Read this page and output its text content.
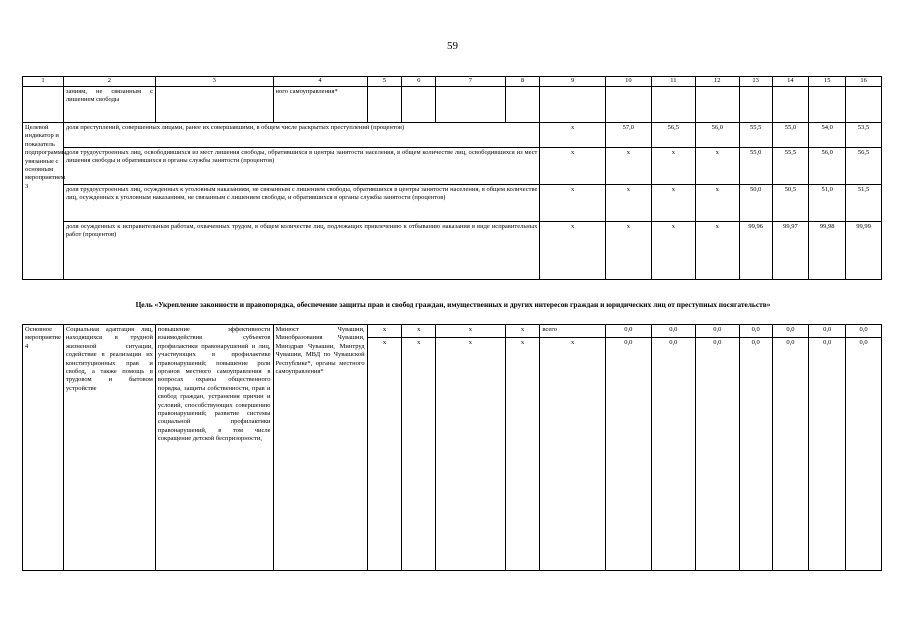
59
1	2	3	4	5	6	7	8	9	10	11	12	13	14	15	16
	заниям, не связанным с лишением свободы		ного самоуправления*												
Целевой индикатор и показатель подпрограммы, увязанные с основным мероприятием 3	доля преступлений, совершенных лицами, ранее их совершавшими, в общем числе раскрытых преступлений (процентов)							х	57,0	56,5	56,0	55,5	55,0	54,0	53,5
	доля трудоустроенных лиц, освободившихся из мест лишения свободы, обратившихся в центры занятости населения, в общем количестве лиц, освободившихся из мест лишения свободы и обратившихся в органы службы занятости (процентов)							х	х	х	х	55,0	55,5	56,0	56,5
	доля трудоустроенных лиц, осужденных к уголовным наказаниям, не связанным с лишением свободы, обратившихся в центры занятости населения, в общем количестве лиц, осужденных к уголовным наказаниям, не связанным с лишением свободы, и обратившихся в органы службы занятости (процентов)							х	х	х	х	50,0	50,5	51,0	51,5
	доля осужденных к исправительным работам, охваченных трудом, в общем количестве лиц, подлежащих привлечению к отбыванию наказания в виде исправительных работ (процентов)							х	х	х	х	99,96	99,97	99,98	99,99
Цель «Укрепление законности и правопорядка, обеспечение защиты прав и свобод граждан, имущественных и других интересов граждан и юридических лиц от преступных посягательств»
Основное мероприятие 4	Социальная адаптация лиц, находящихся в трудной жизненной ситуации, содействие в реализации их конституционных прав и свобод, а также помощь в трудовом и бытовом устройстве	повышение эффективности взаимодействия субъектов профилактики правонарушений и лиц, участвующих в профилактике правонарушений; повышение роли органов местного самоуправления в вопросах охраны общественного порядка, защиты собственности, прав и свобод граждан, устранения причин и условий, способствующих совершению правонарушений; развитие системы социальной профилактики правонарушений, в том числе сокращение детской беспризорности,	Минюст Чувашии, Минобразования Чувашии, Минздрав Чувашии, Минтруд Чувашии, МВД по Чувашской Республике*, органы местного самоуправления*	х	х	х	х	всего	0,0	0,0	0,0	0,0	0,0	0,0	0,0
				х	х	х	х	х	0,0	0,0	0,0	0,0	0,0	0,0	0,0
